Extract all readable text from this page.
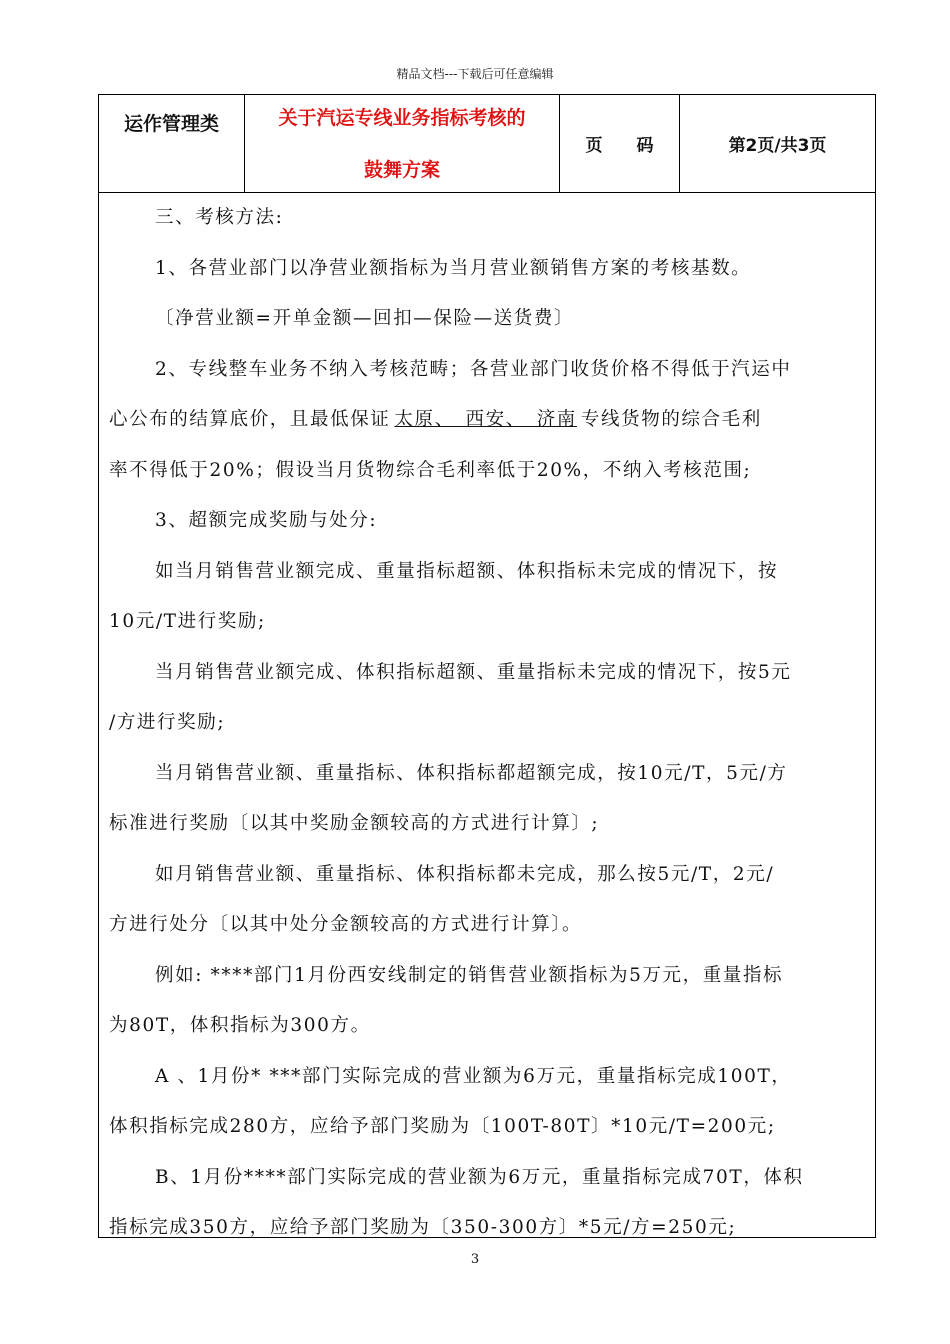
精品文档---下载后可任意编辑
运作管理类	关于汽运专线业务指标考核的
鼓舞方案
页　　码	第2页/共3页
三、考核方法:
1、各营业部门以净营业额指标为当月营业额销售方案的考核基数。
〔净营业额=开单金额—回扣—保险—送货费〕
2、专线整车业务不纳入考核范畴；各营业部门收货价格不得低于汽运中
心公布的结算底价，且最低保证 太原、　西安、　济南 专线货物的综合毛利
率不得低于20%；假设当月货物综合毛利率低于20%，不纳入考核范围;
3、超额完成奖励与处分:
如当月销售营业额完成、重量指标超额、体积指标未完成的情况下，按
10元/T进行奖励;
当月销售营业额完成、体积指标超额、重量指标未完成的情况下，按5元
/方进行奖励;
当月销售营业额、重量指标、体积指标都超额完成，按10元/T，5元/方
标准进行奖励〔以其中奖励金额较高的方式进行计算〕;
如月销售营业额、重量指标、体积指标都未完成，那么按5元/T，2元/
方进行处分〔以其中处分金额较高的方式进行计算〕。
例如: ****部门1月份西安线制定的销售营业额指标为5万元，重量指标
为80T，体积指标为300方。
A 、1月份* ***部门实际完成的营业额为6万元，重量指标完成100T，
体积指标完成280方，应给予部门奖励为〔100T-80T〕*10元/T=200元;
B、1月份****部门实际完成的营业额为6万元，重量指标完成70T，体积
指标完成350方，应给予部门奖励为〔350-300方〕*5元/方=250元;
3
